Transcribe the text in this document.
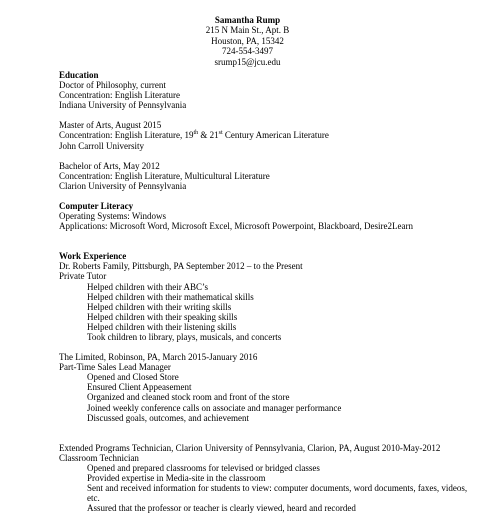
Samantha Rump
215 N Main St., Apt. B
Houston, PA, 15342
724-554-3497
srump15@jcu.edu
Education
Doctor of Philosophy, current
Concentration: English Literature
Indiana University of Pennsylvania
Master of Arts, August 2015
Concentration: English Literature, 19th & 21st Century American Literature
John Carroll University
Bachelor of Arts, May 2012
Concentration: English Literature, Multicultural Literature
Clarion University of Pennsylvania
Computer Literacy
Operating Systems: Windows
Applications: Microsoft Word, Microsoft Excel, Microsoft Powerpoint, Blackboard, Desire2Learn
Work Experience
Dr. Roberts Family, Pittsburgh, PA September 2012 – to the Present
Private Tutor
Helped children with their ABC’s
Helped children with their mathematical skills
Helped children with their writing skills
Helped children with their speaking skills
Helped children with their listening skills
Took children to library, plays, musicals, and concerts
The Limited, Robinson, PA, March 2015-January 2016
Part-Time Sales Lead Manager
Opened and Closed Store
Ensured Client Appeasement
Organized and cleaned stock room and front of the store
Joined weekly conference calls on associate and manager performance
Discussed goals, outcomes, and achievement
Extended Programs Technician, Clarion University of Pennsylvania, Clarion, PA, August 2010-May-2012
Classroom Technician
Opened and prepared classrooms for televised or bridged classes
Provided expertise in Media-site in the classroom
Sent and received information for students to view: computer documents, word documents, faxes, videos, etc.
Assured that the professor or teacher is clearly viewed, heard and recorded
